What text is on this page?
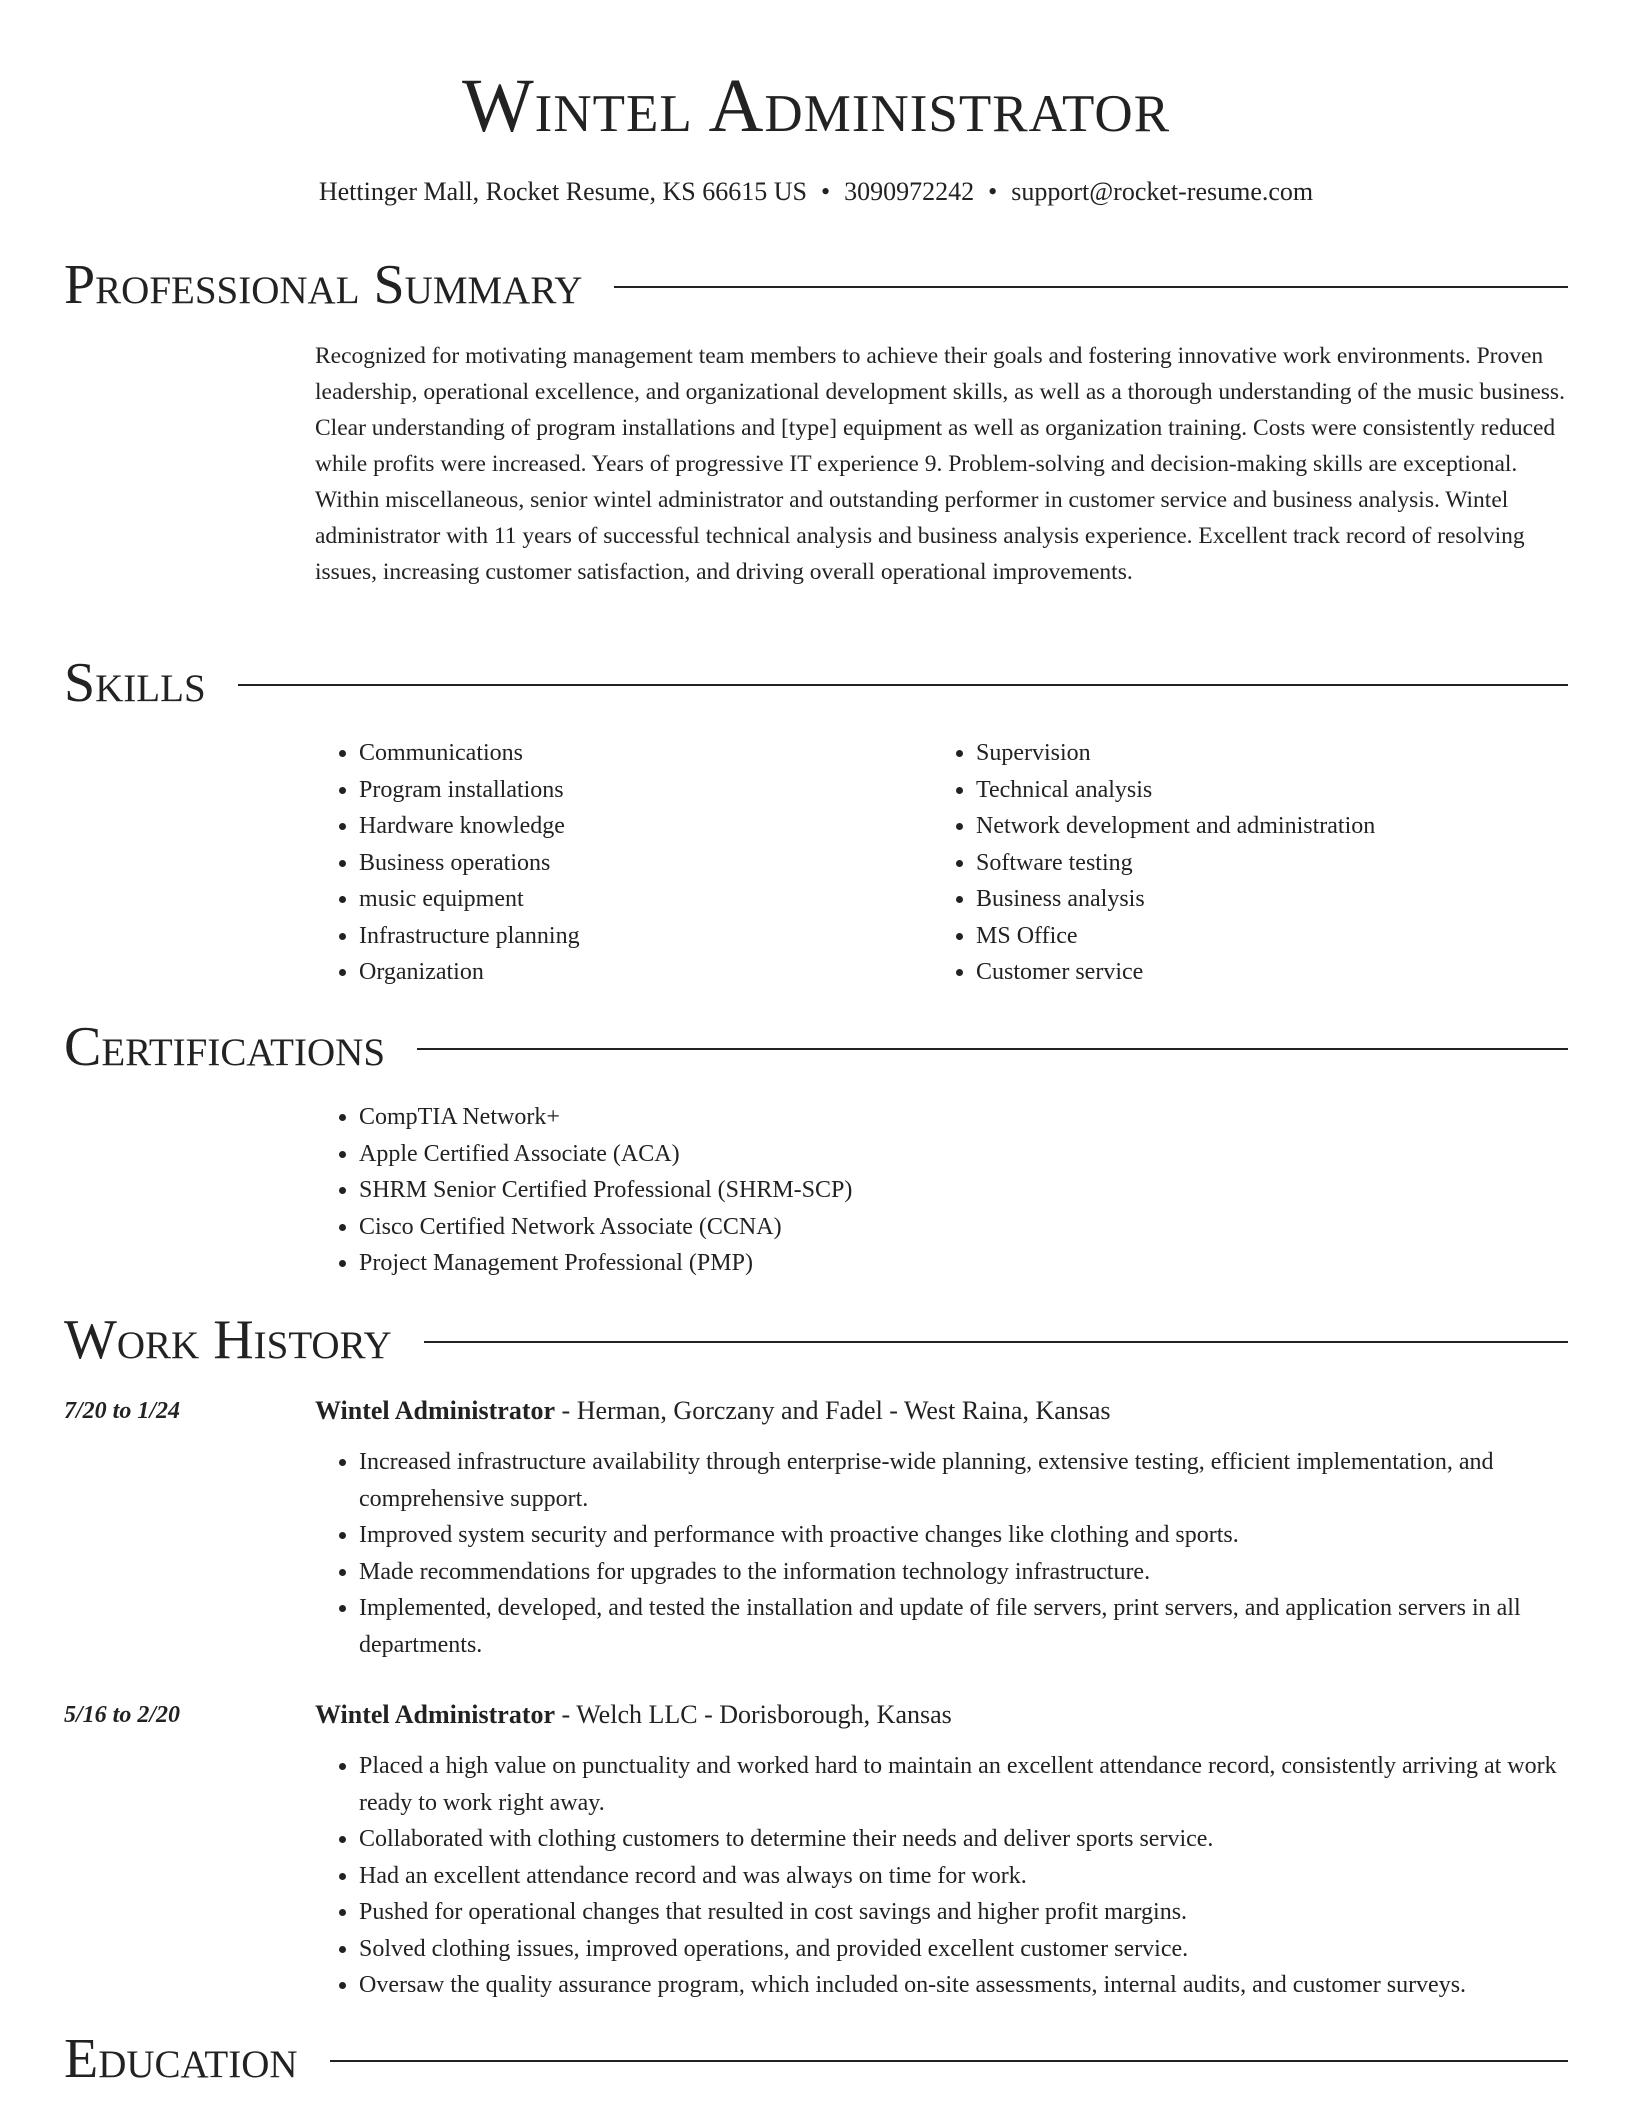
Wintel Administrator
Hettinger Mall, Rocket Resume, KS 66615 US • 3090972242 • support@rocket-resume.com
Professional Summary

Recognized for motivating management team members to achieve their goals and fostering innovative work environments. Proven leadership, operational excellence, and organizational development skills, as well as a thorough understanding of the music business. Clear understanding of program installations and [type] equipment as well as organization training. Costs were consistently reduced while profits were increased. Years of progressive IT experience 9. Problem-solving and decision-making skills are exceptional. Within miscellaneous, senior wintel administrator and outstanding performer in customer service and business analysis. Wintel administrator with 11 years of successful technical analysis and business analysis experience. Excellent track record of resolving issues, increasing customer satisfaction, and driving overall operational improvements.

Skills
• Communications
• Program installations
• Hardware knowledge
• Business operations
• music equipment
• Infrastructure planning
• Organization
• Supervision
• Technical analysis
• Network development and administration
• Software testing
• Business analysis
• MS Office
• Customer service
Certifications
• CompTIA Network+
• Apple Certified Associate (ACA)
• SHRM Senior Certified Professional (SHRM-SCP)
• Cisco Certified Network Associate (CCNA)
• Project Management Professional (PMP)
Work History
7/20 to 1/24	Wintel Administrator - Herman, Gorczany and Fadel - West Raina, Kansas
• Increased infrastructure availability through enterprise-wide planning, extensive testing, efficient implementation, and comprehensive support.
• Improved system security and performance with proactive changes like clothing and sports.
• Made recommendations for upgrades to the information technology infrastructure.
• Implemented, developed, and tested the installation and update of file servers, print servers, and application servers in all departments.
5/16 to 2/20	Wintel Administrator - Welch LLC - Dorisborough, Kansas
• Placed a high value on punctuality and worked hard to maintain an excellent attendance record, consistently arriving at work ready to work right away.
• Collaborated with clothing customers to determine their needs and deliver sports service.
• Had an excellent attendance record and was always on time for work.
• Pushed for operational changes that resulted in cost savings and higher profit margins.
• Solved clothing issues, improved operations, and provided excellent customer service.
• Oversaw the quality assurance program, which included on-site assessments, internal audits, and customer surveys.
Education
